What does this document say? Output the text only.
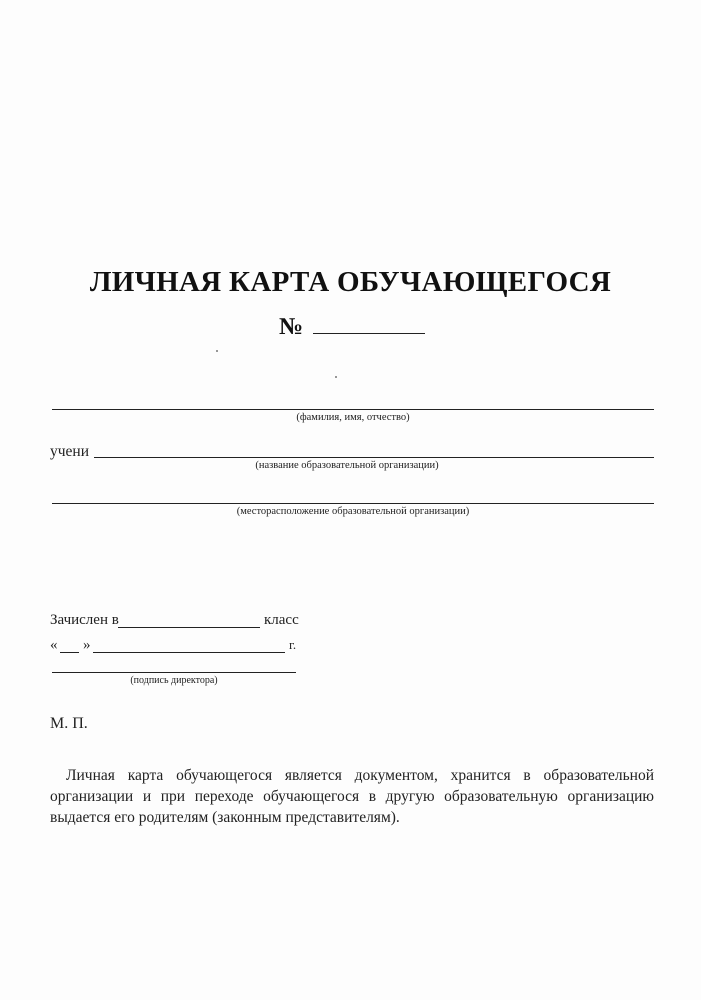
ЛИЧНАЯ КАРТА ОБУЧАЮЩЕГОСЯ
№
(фамилия, имя, отчество)
учени
(название образовательной организации)
(месторасположение образовательной организации)
Зачислен в	класс
« »	г.
(подпись директора)
М. П.
Личная карта обучающегося является документом, хранится в образовательной организации и при переходе обучающегося в другую образовательную организацию выдается его родителям (законным представителям).
